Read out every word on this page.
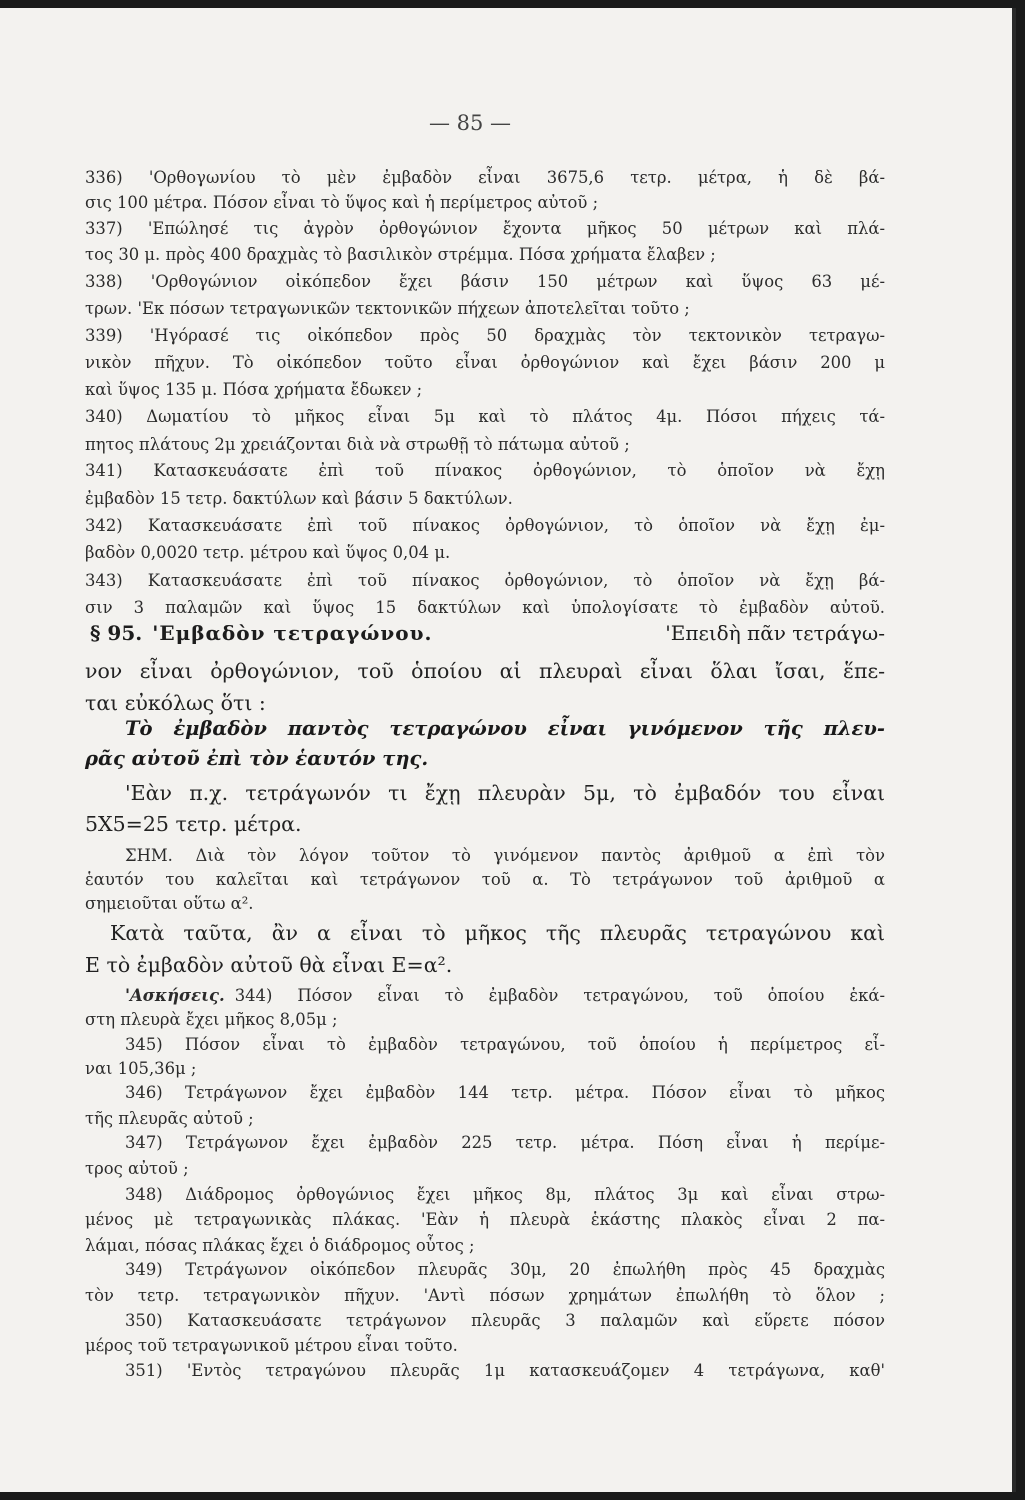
— 85 —
336) 'Ορθογωνίου τὸ μὲν ἐμβαδὸν εἶναι 3675,6 τετρ. μέτρα, ἡ δὲ βά-
σις 100 μέτρα. Πόσον εἶναι τὸ ὕψος καὶ ἡ περίμετρος αὐτοῦ ;
337) 'Επώλησέ τις ἀγρὸν ὀρθογώνιον ἔχοντα μῆκος 50 μέτρων καὶ πλά-
τος 30 μ. πρὸς 400 δραχμὰς τὸ βασιλικὸν στρέμμα. Πόσα χρήματα ἔλαβεν ;
338) 'Ορθογώνιον οἰκόπεδον ἔχει βάσιν 150 μέτρων καὶ ὕψος 63 μέ-
τρων. 'Εκ πόσων τετραγωνικῶν τεκτονικῶν πήχεων ἀποτελεῖται τοῦτο ;
339) 'Ηγόρασέ τις οἰκόπεδον πρὸς 50 δραχμὰς τὸν τεκτονικὸν τετραγω-
νικὸν πῆχυν. Τὸ οἰκόπεδον τοῦτο εἶναι ὀρθογώνιον καὶ ἔχει βάσιν 200 μ
καὶ ὕψος 135 μ. Πόσα χρήματα ἔδωκεν ;
340) Δωματίου τὸ μῆκος εἶναι 5μ καὶ τὸ πλάτος 4μ. Πόσοι πήχεις τά-
πητος πλάτους 2μ χρειάζονται διὰ νὰ στρωθῇ τὸ πάτωμα αὐτοῦ ;
341) Κατασκευάσατε ἐπὶ τοῦ πίνακος ὀρθογώνιον, τὸ ὁποῖον νὰ ἔχῃ
ἐμβαδὸν 15 τετρ. δακτύλων καὶ βάσιν 5 δακτύλων.
342) Κατασκευάσατε ἐπὶ τοῦ πίνακος ὀρθογώνιον, τὸ ὁποῖον νὰ ἔχῃ ἐμ-
βαδὸν 0,0020 τετρ. μέτρου καὶ ὕψος 0,04 μ.
343) Κατασκευάσατε ἐπὶ τοῦ πίνακος ὀρθογώνιον, τὸ ὁποῖον νὰ ἔχῃ βά-
σιν 3 παλαμῶν καὶ ὕψος 15 δακτύλων καὶ ὑπολογίσατε τὸ ἐμβαδὸν αὐτοῦ.
§ 95. 'Εμβαδὸν τετραγώνου.	'Επειδὴ πᾶν τετράγω-
νον εἶναι ὀρθογώνιον, τοῦ ὁποίου αἱ πλευραὶ εἶναι ὅλαι ἴσαι, ἕπε-
ται εὐκόλως ὅτι :
Τὸ ἐμβαδὸν παντὸς τετραγώνου εἶναι γινόμενον τῆς πλευ-
ρᾶς αὐτοῦ ἐπὶ τὸν ἑαυτόν της.
'Εὰν π.χ. τετράγωνόν τι ἔχῃ πλευρὰν 5μ, τὸ ἐμβαδόν του εἶναι
5X5=25 τετρ. μέτρα.
ΣΗΜ. Διὰ τὸν λόγον τοῦτον τὸ γινόμενον παντὸς ἀριθμοῦ α ἐπὶ τὸν
ἑαυτόν του καλεῖται καὶ τετράγωνον τοῦ α. Τὸ τετράγωνον τοῦ ἀριθμοῦ α
σημειοῦται οὕτω α².
Κατὰ ταῦτα, ἂν α εἶναι τὸ μῆκος τῆς πλευρᾶς τετραγώνου καὶ
Ε τὸ ἐμβαδὸν αὐτοῦ θὰ εἶναι Ε=α².
'Ασκήσεις. 344) Πόσον εἶναι τὸ ἐμβαδὸν τετραγώνου, τοῦ ὁποίου ἑκά-
στη πλευρὰ ἔχει μῆκος 8,05μ ;
345) Πόσον εἶναι τὸ ἐμβαδὸν τετραγώνου, τοῦ ὁποίου ἡ περίμετρος εἶ-
ναι 105,36μ ;
346) Τετράγωνον ἔχει ἐμβαδὸν 144 τετρ. μέτρα. Πόσον εἶναι τὸ μῆκος
τῆς πλευρᾶς αὐτοῦ ;
347) Τετράγωνον ἔχει ἐμβαδὸν 225 τετρ. μέτρα. Πόση εἶναι ἡ περίμε-
τρος αὐτοῦ ;
348) Διάδρομος ὀρθογώνιος ἔχει μῆκος 8μ, πλάτος 3μ καὶ εἶναι στρω-
μένος μὲ τετραγωνικὰς πλάκας. 'Εὰν ἡ πλευρὰ ἑκάστης πλακὸς εἶναι 2 πα-
λάμαι, πόσας πλάκας ἔχει ὁ διάδρομος οὗτος ;
349) Τετράγωνον οἰκόπεδον πλευρᾶς 30μ, 20 ἐπωλήθη πρὸς 45 δραχμὰς
τὸν τετρ. τετραγωνικὸν πῆχυν. 'Αντὶ πόσων χρημάτων ἐπωλήθη τὸ ὅλον ;
350) Κατασκευάσατε τετράγωνον πλευρᾶς 3 παλαμῶν καὶ εὕρετε πόσον
μέρος τοῦ τετραγωνικοῦ μέτρου εἶναι τοῦτο.
351) 'Εντὸς τετραγώνου πλευρᾶς 1μ κατασκευάζομεν 4 τετράγωνα, καθ'
